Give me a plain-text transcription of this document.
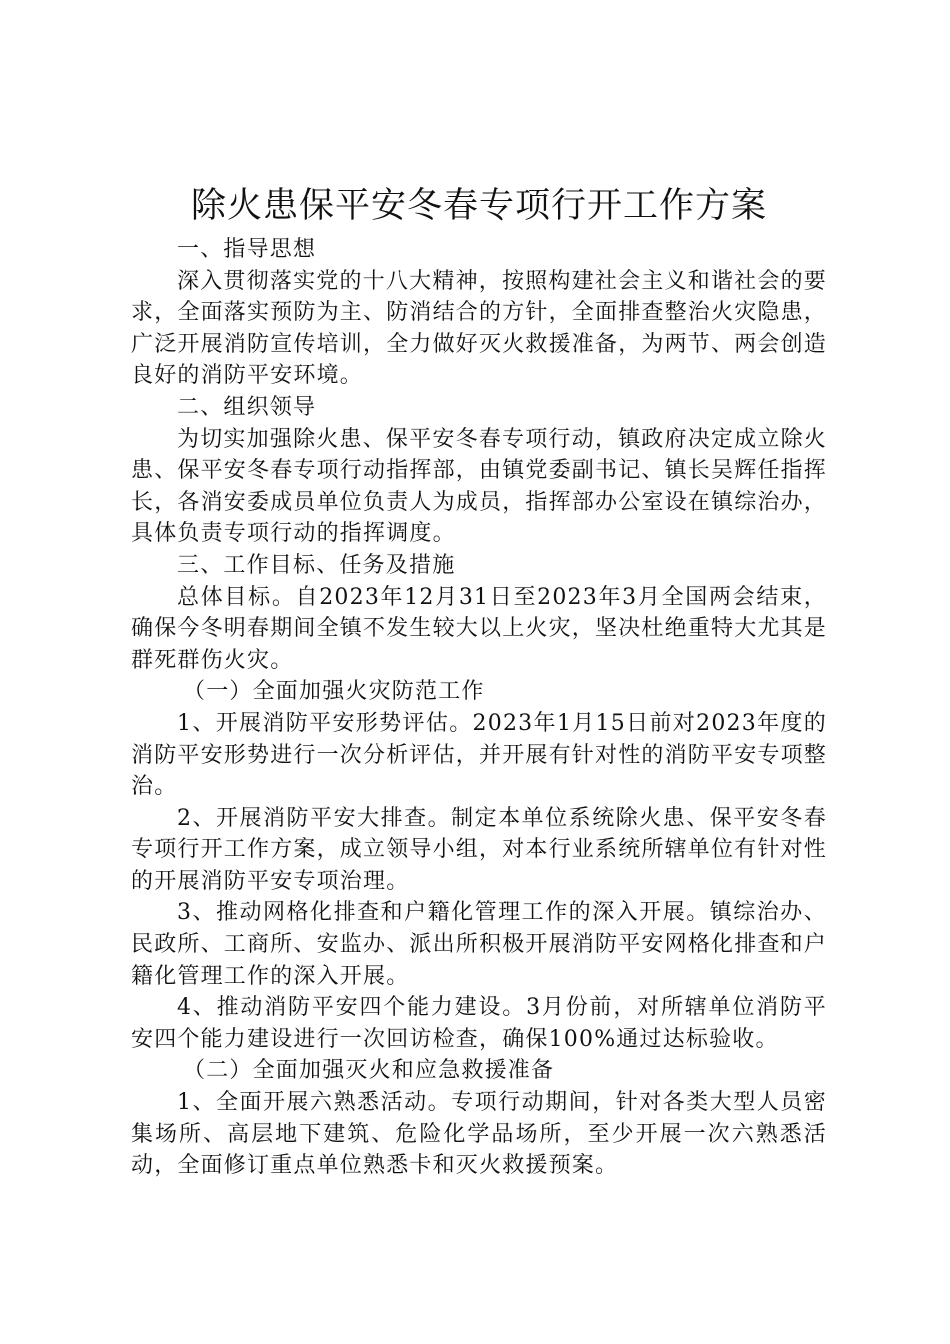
除火患保平安冬春专项行开工作方案

一、指导思想

深入贯彻落实党的十八大精神，按照构建社会主义和谐社会的要求，全面落实预防为主、防消结合的方针，全面排查整治火灾隐患，广泛开展消防宣传培训，全力做好灭火救援准备，为两节、两会创造良好的消防平安环境。

二、组织领导

为切实加强除火患、保平安冬春专项行动，镇政府决定成立除火患、保平安冬春专项行动指挥部，由镇党委副书记、镇长吴辉任指挥长，各消安委成员单位负责人为成员，指挥部办公室设在镇综治办，具体负责专项行动的指挥调度。

三、工作目标、任务及措施

总体目标。自2023年12月31日至2023年3月全国两会结束，确保今冬明春期间全镇不发生较大以上火灾，坚决杜绝重特大尤其是群死群伤火灾。

（一）全面加强火灾防范工作

1、开展消防平安形势评估。2023年1月15日前对2023年度的消防平安形势进行一次分析评估，并开展有针对性的消防平安专项整治。

2、开展消防平安大排查。制定本单位系统除火患、保平安冬春专项行开工作方案，成立领导小组，对本行业系统所辖单位有针对性的开展消防平安专项治理。

3、推动网格化排查和户籍化管理工作的深入开展。镇综治办、民政所、工商所、安监办、派出所积极开展消防平安网格化排查和户籍化管理工作的深入开展。

4、推动消防平安四个能力建设。3月份前，对所辖单位消防平安四个能力建设进行一次回访检查，确保100%通过达标验收。

（二）全面加强灭火和应急救援准备

1、全面开展六熟悉活动。专项行动期间，针对各类大型人员密集场所、高层地下建筑、危险化学品场所，至少开展一次六熟悉活动，全面修订重点单位熟悉卡和灭火救援预案。
